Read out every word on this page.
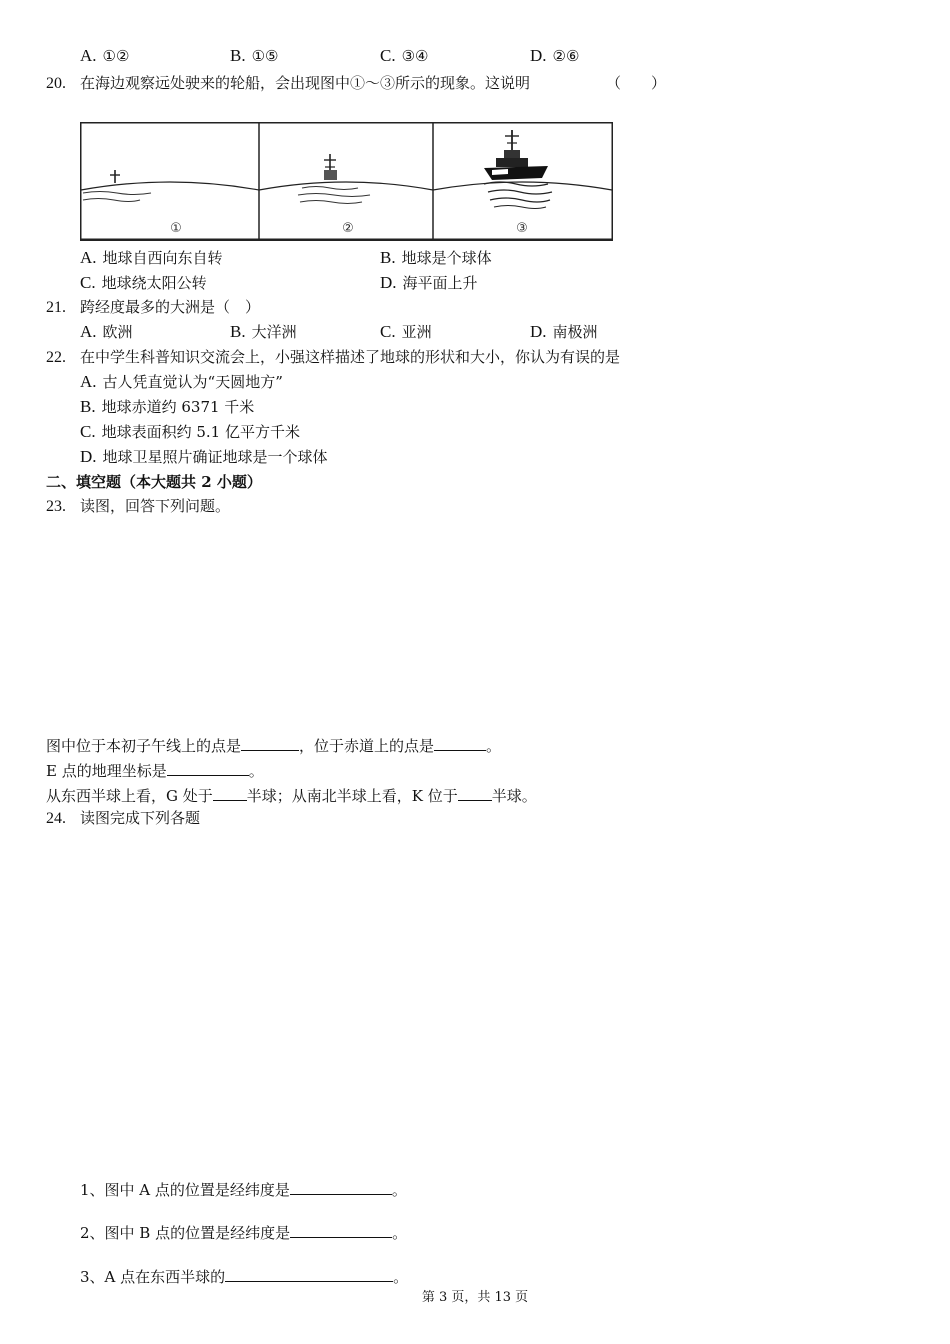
A. ①②	B. ①⑤	C. ③④	D. ②⑥
20. 在海边观察远处驶来的轮船，会出现图中①～③所示的现象。这说明	（　　）
①	②	③
A. 地球自西向东自转	B. 地球是个球体
C. 地球绕太阳公转	D. 海平面上升
21. 跨经度最多的大洲是（　）
A. 欧洲	B. 大洋洲	C. 亚洲	D. 南极洲
22. 在中学生科普知识交流会上，小强这样描述了地球的形状和大小，你认为有误的是
A. 古人凭直觉认为“天圆地方”
B. 地球赤道约 6371 千米
C. 地球表面积约 5.1 亿平方千米
D. 地球卫星照片确证地球是一个球体
二、填空题（本大题共 2 小题）
23. 读图，回答下列问题。
图中位于本初子午线上的点是	，位于赤道上的点是	。
E 点的地理坐标是	。
从东西半球上看，G 处于 半球；从南北半球上看，K 位于 半球。
24. 读图完成下列各题
1、图中 A 点的位置是经纬度是	。
2、图中 B 点的位置是经纬度是	。
3、A 点在东西半球的	。
第 3 页，共 13 页
